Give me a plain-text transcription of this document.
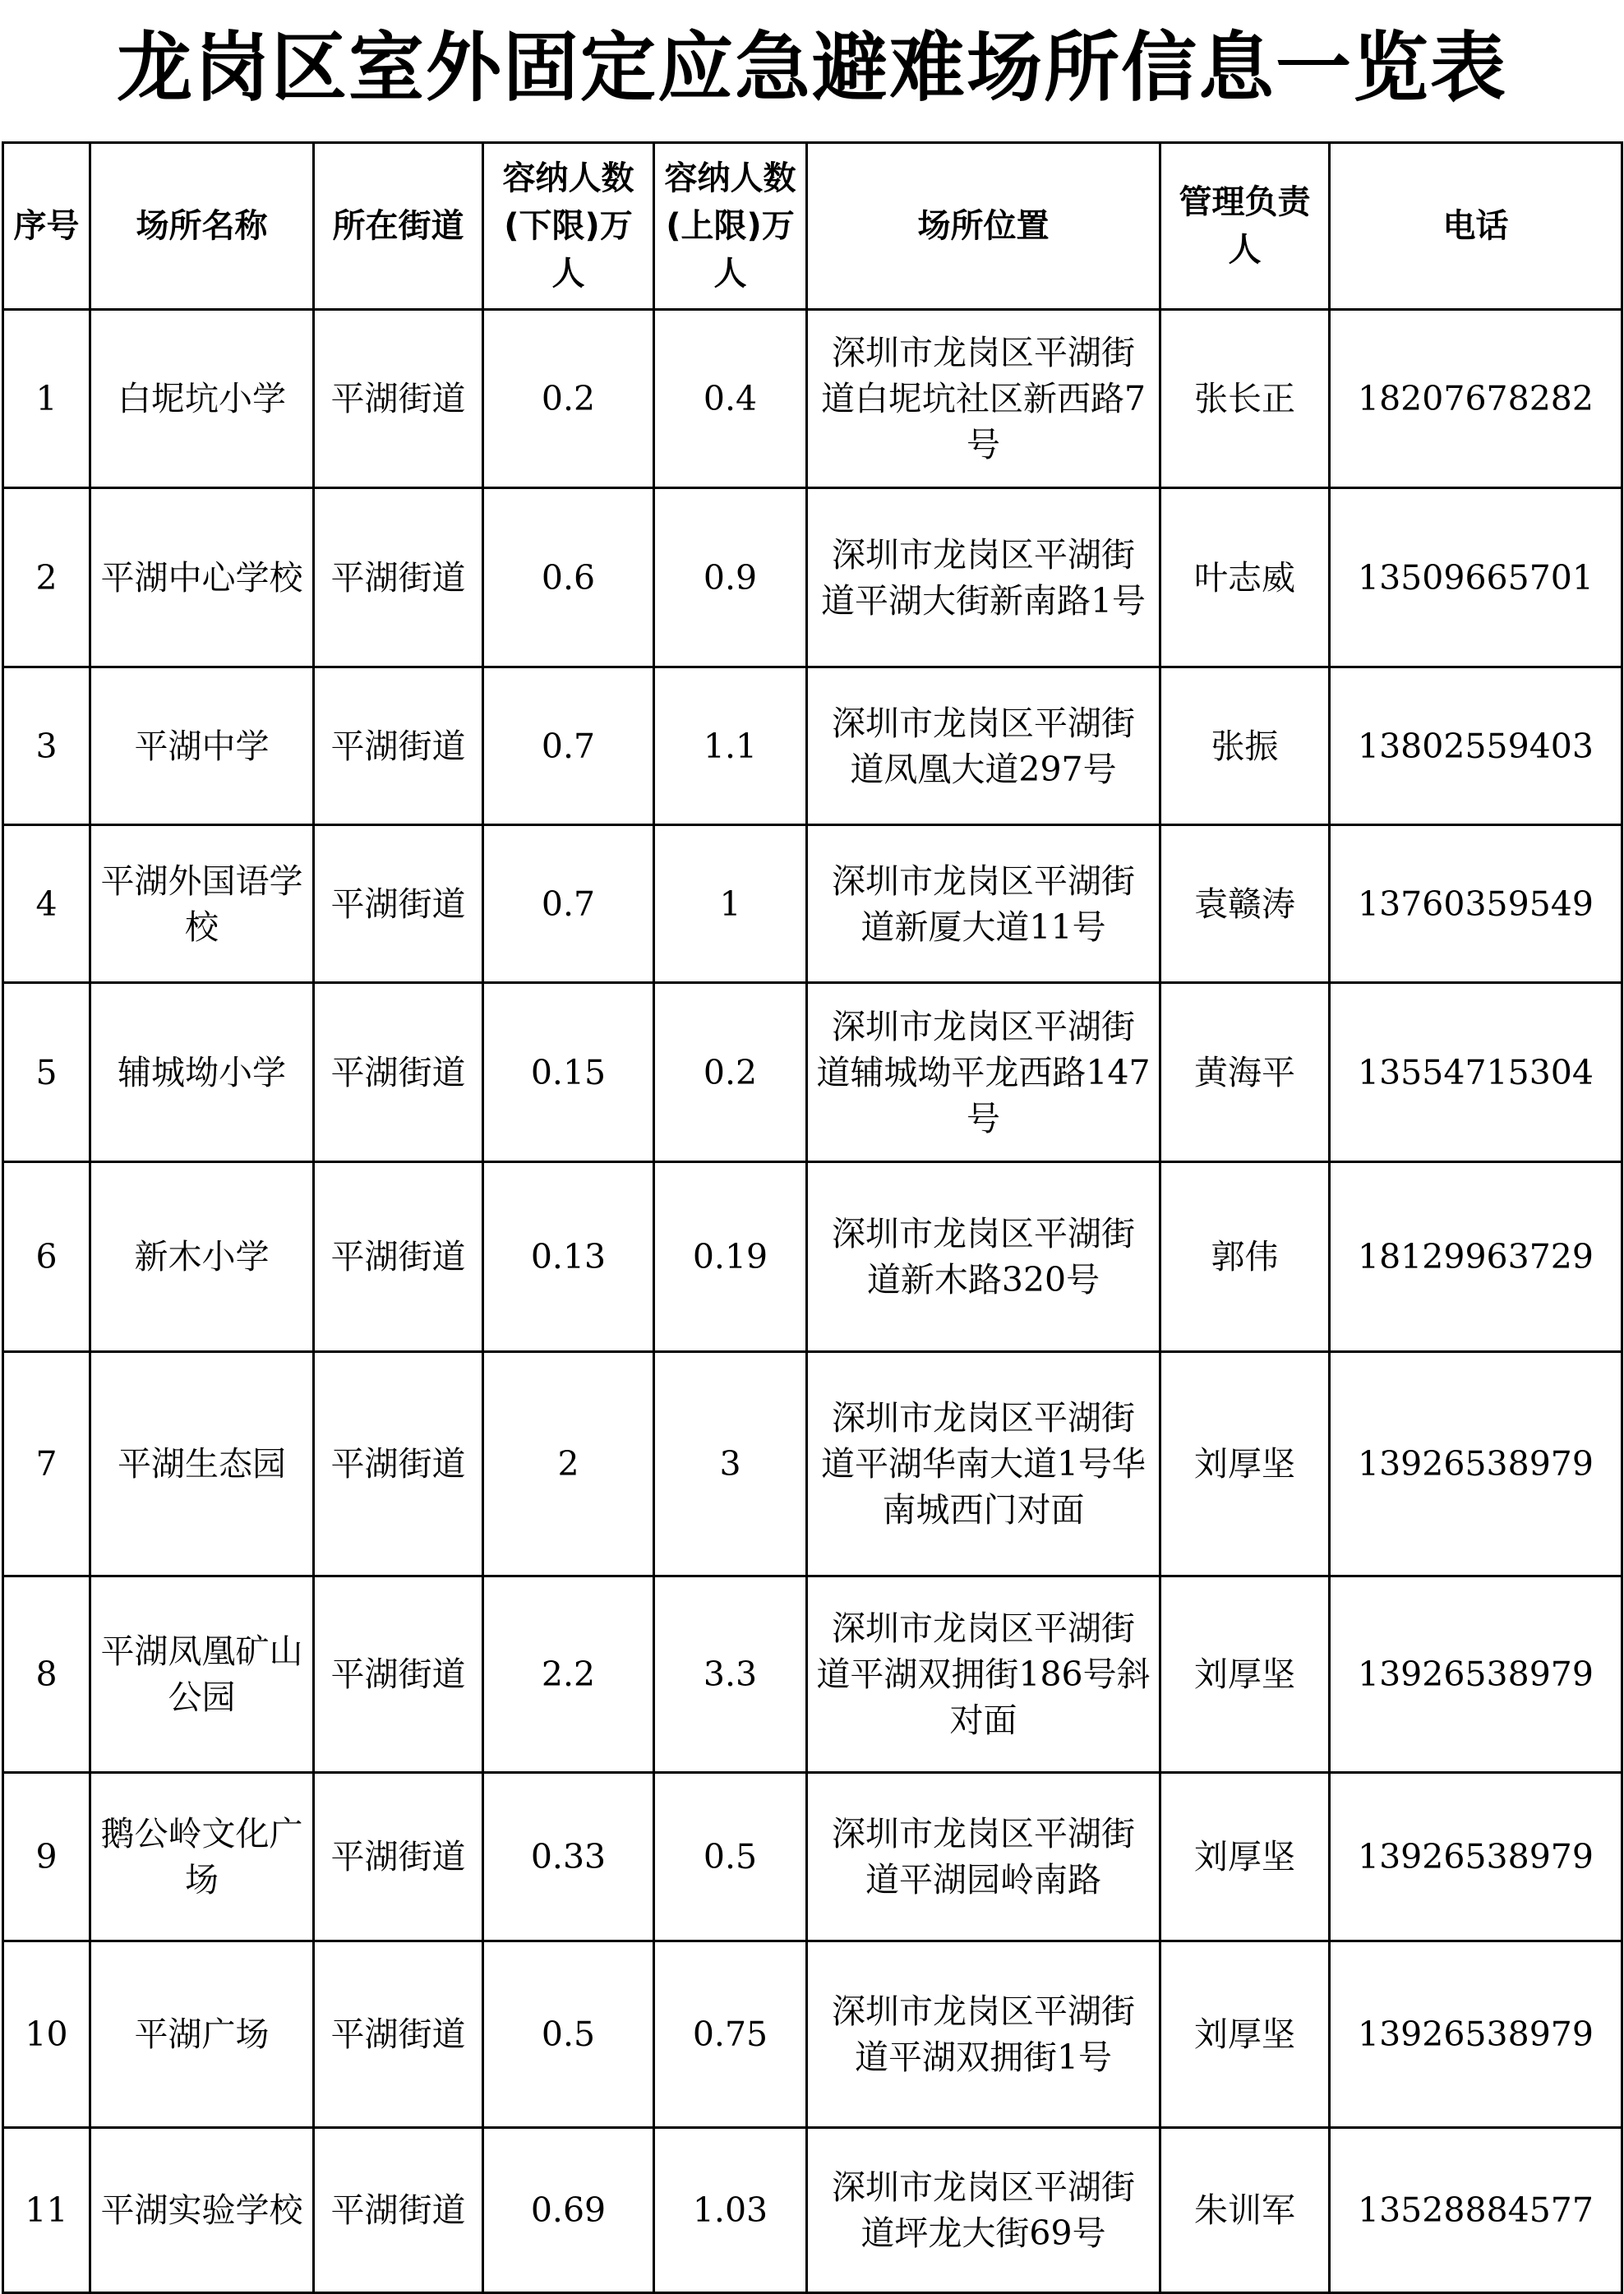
龙岗区室外固定应急避难场所信息一览表
序号	场所名称	所在街道	容纳人数(下限)万人	容纳人数(上限)万人	场所位置	管理负责人	电话
1	白坭坑小学	平湖街道	0.2	0.4	深圳市龙岗区平湖街道白坭坑社区新西路7号	张长正	18207678282
2	平湖中心学校	平湖街道	0.6	0.9	深圳市龙岗区平湖街道平湖大街新南路1号	叶志威	13509665701
3	平湖中学	平湖街道	0.7	1.1	深圳市龙岗区平湖街道凤凰大道297号	张振	13802559403
4	平湖外国语学校	平湖街道	0.7	1	深圳市龙岗区平湖街道新厦大道11号	袁赣涛	13760359549
5	辅城坳小学	平湖街道	0.15	0.2	深圳市龙岗区平湖街道辅城坳平龙西路147号	黄海平	13554715304
6	新木小学	平湖街道	0.13	0.19	深圳市龙岗区平湖街道新木路320号	郭伟	18129963729
7	平湖生态园	平湖街道	2	3	深圳市龙岗区平湖街道平湖华南大道1号华南城西门对面	刘厚坚	13926538979
8	平湖凤凰矿山公园	平湖街道	2.2	3.3	深圳市龙岗区平湖街道平湖双拥街186号斜对面	刘厚坚	13926538979
9	鹅公岭文化广场	平湖街道	0.33	0.5	深圳市龙岗区平湖街道平湖园岭南路	刘厚坚	13926538979
10	平湖广场	平湖街道	0.5	0.75	深圳市龙岗区平湖街道平湖双拥街1号	刘厚坚	13926538979
11	平湖实验学校	平湖街道	0.69	1.03	深圳市龙岗区平湖街道坪龙大街69号	朱训军	13528884577
